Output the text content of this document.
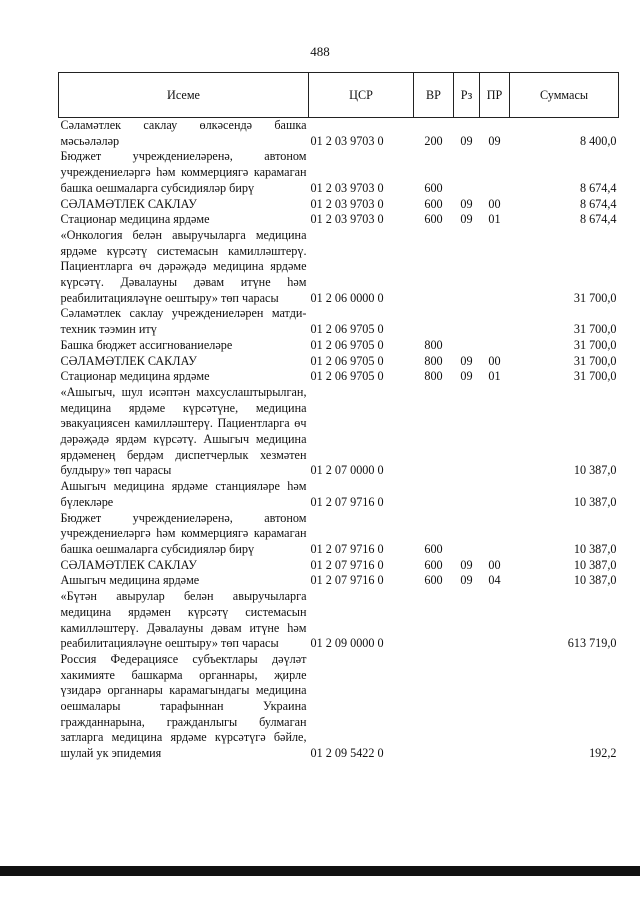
488
Исеме	ЦСР	ВР	Рз	ПР	Суммасы
Сәламәтлек саклау өлкәсендә башка мәсьәләләр	01 2 03 9703 0	200	09	09	8 400,0
Бюджет учреждениеләренә, автоном учреждениеләргә һәм коммерциягә карамаган башка оешмаларга субсидияләр бирү	01 2 03 9703 0	600			8 674,4
СӘЛАМӘТЛЕК САКЛАУ	01 2 03 9703 0	600	09	00	8 674,4
Стационар медицина ярдәме	01 2 03 9703 0	600	09	01	8 674,4
«Онкология белән авыручыларга медицина ярдәме күрсәтү системасын камилләштерү. Пациентларга өч дәрәҗәдә медицина ярдәме күрсәтү. Дәвалауны дәвам итүне һәм реабилитацияләүне оештыру» төп чарасы	01 2 06 0000 0				31 700,0
Сәламәтлек саклау учреждениеләрен матди-техник тәэмин итү	01 2 06 9705 0				31 700,0
Башка бюджет ассигнованиеләре	01 2 06 9705 0	800			31 700,0
СӘЛАМӘТЛЕК САКЛАУ	01 2 06 9705 0	800	09	00	31 700,0
Стационар медицина ярдәме	01 2 06 9705 0	800	09	01	31 700,0
«Ашыгыч, шул исәптән махсуслаштырылган, медицина ярдәме күрсәтүне, медицина эвакуациясен камилләштерү. Пациентларга өч дәрәҗәдә ярдәм күрсәтү. Ашыгыч медицина ярдәменең бердәм диспетчерлык хезмәтен булдыру» төп чарасы	01 2 07 0000 0				10 387,0
Ашыгыч медицина ярдәме станцияләре һәм бүлекләре	01 2 07 9716 0				10 387,0
Бюджет учреждениеләренә, автоном учреждениеләргә һәм коммерциягә карамаган башка оешмаларга субсидияләр бирү	01 2 07 9716 0	600			10 387,0
СӘЛАМӘТЛЕК САКЛАУ	01 2 07 9716 0	600	09	00	10 387,0
Ашыгыч медицина ярдәме	01 2 07 9716 0	600	09	04	10 387,0
«Бүтән авырулар белән авыручыларга медицина ярдәмен күрсәтү системасын камилләштерү. Дәвалауны дәвам итүне һәм реабилитацияләүне оештыру» төп чарасы	01 2 09 0000 0				613 719,0
Россия Федерациясе субъектлары дәүләт хакимияте башкарма органнары, җирле үзидарә органнары карамагындагы медицина оешмалары тарафыннан Украина гражданнарына, гражданлыгы булмаган затларга медицина ярдәме күрсәтүгә бәйле, шулай ук эпидемия	01 2 09 5422 0				192,2
